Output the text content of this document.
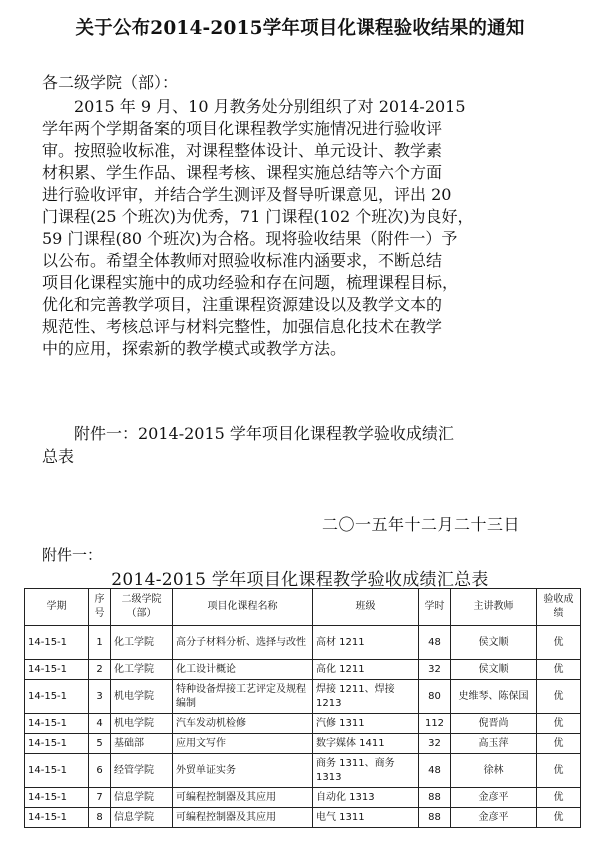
关于公布2014-2015学年项目化课程验收结果的通知
各二级学院（部）：
2015 年 9 月、10 月教务处分别组织了对 2014-2015
学年两个学期备案的项目化课程教学实施情况进行验收评
审。按照验收标准，对课程整体设计、单元设计、教学素
材积累、学生作品、课程考核、课程实施总结等六个方面
进行验收评审，并结合学生测评及督导听课意见，评出 20
门课程(25 个班次)为优秀，71 门课程(102 个班次)为良好，
59 门课程(80 个班次)为合格。现将验收结果（附件一）予
以公布。希望全体教师对照验收标准内涵要求，不断总结
项目化课程实施中的成功经验和存在问题，梳理课程目标，
优化和完善教学项目，注重课程资源建设以及教学文本的
规范性、考核总评与材料完整性，加强信息化技术在教学
中的应用，探索新的教学模式或教学方法。
附件一：2014-2015 学年项目化课程教学验收成绩汇
总表
二〇一五年十二月二十三日
附件一：
2014-2015 学年项目化课程教学验收成绩汇总表
学期	序号	二级学院（部）	项目化课程名称	班级	学时	主讲教师	验收成绩
14-15-1	1	化工学院	高分子材料分析、选择与改性	高材 1211	48	侯文顺	优
14-15-1	2	化工学院	化工设计概论	高化 1211	32	侯文顺	优
14-15-1	3	机电学院	特种设备焊接工艺评定及规程编制	焊接 1211、焊接 1213	80	史维琴、陈保国	优
14-15-1	4	机电学院	汽车发动机检修	汽修 1311	112	倪晋尚	优
14-15-1	5	基础部	应用文写作	数字媒体 1411	32	高玉萍	优
14-15-1	6	经管学院	外贸单证实务	商务 1311、商务 1313	48	徐林	优
14-15-1	7	信息学院	可编程控制器及其应用	自动化 1313	88	金彦平	优
14-15-1	8	信息学院	可编程控制器及其应用	电气 1311	88	金彦平	优
